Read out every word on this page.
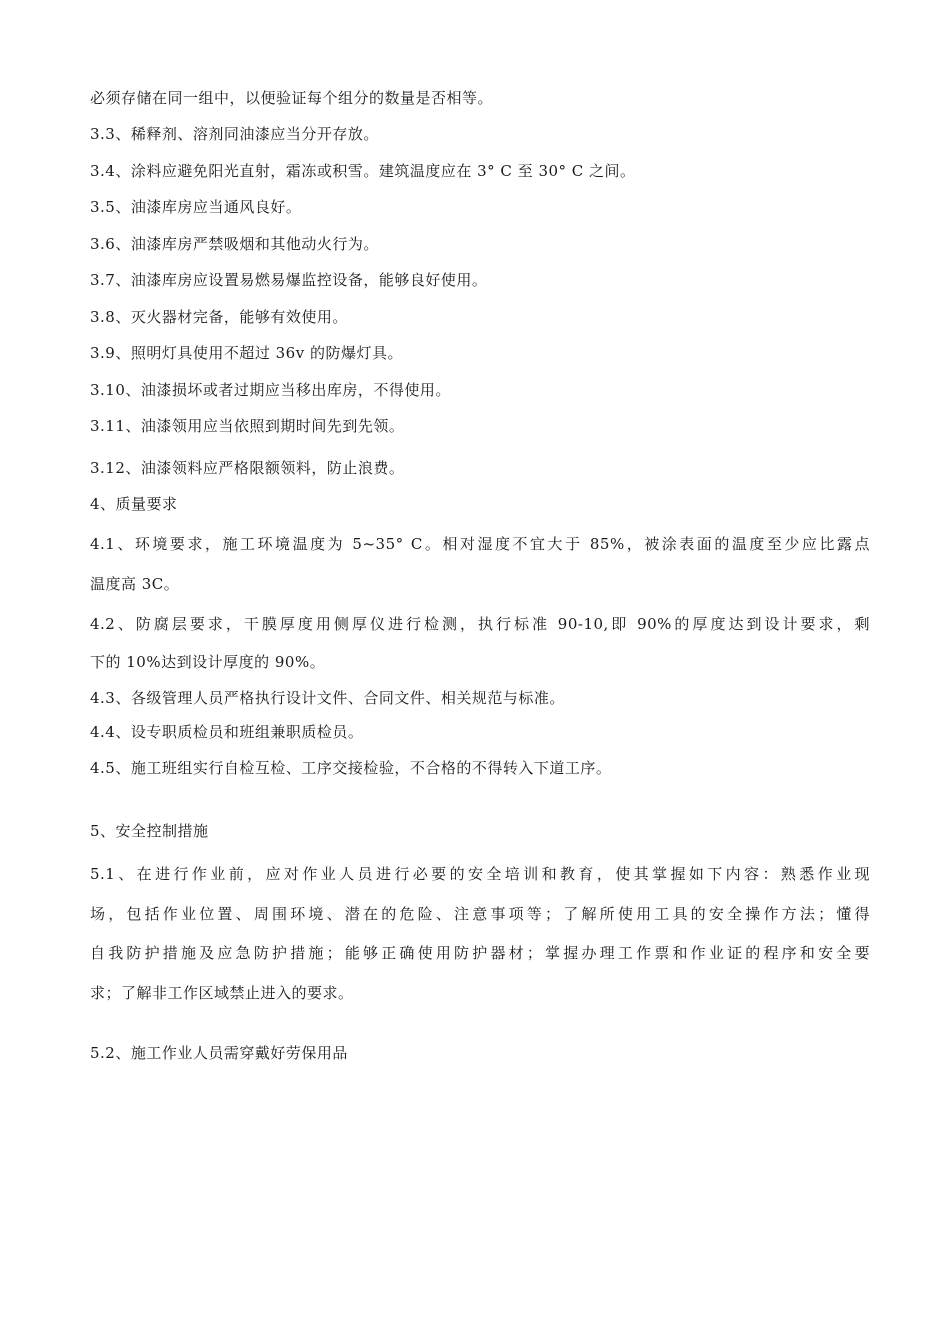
必须存储在同一组中，以便验证每个组分的数量是否相等。
3.3、稀释剂、溶剂同油漆应当分开存放。
3.4、涂料应避免阳光直射，霜冻或积雪。建筑温度应在 3° C 至 30° C 之间。
3.5、油漆库房应当通风良好。
3.6、油漆库房严禁吸烟和其他动火行为。
3.7、油漆库房应设置易燃易爆监控设备，能够良好使用。
3.8、灭火器材完备，能够有效使用。
3.9、照明灯具使用不超过 36v 的防爆灯具。
3.10、油漆损坏或者过期应当移出库房，不得使用。
3.11、油漆领用应当依照到期时间先到先领。
3.12、油漆领料应严格限额领料，防止浪费。
4、质量要求
4.1、环境要求，施工环境温度为 5~35° C。相对湿度不宜大于 85%，被涂表面的温度至少应比露点
温度高 3C。
4.2、防腐层要求，干膜厚度用侧厚仪进行检测，执行标准 90-10,即 90%的厚度达到设计要求，剩
下的 10%达到设计厚度的 90%。
4.3、各级管理人员严格执行设计文件、合同文件、相关规范与标准。
4.4、设专职质检员和班组兼职质检员。
4.5、施工班组实行自检互检、工序交接检验，不合格的不得转入下道工序。
5、安全控制措施
5.1、在进行作业前，应对作业人员进行必要的安全培训和教育，使其掌握如下内容：熟悉作业现
场，包括作业位置、周围环境、潜在的危险、注意事项等；了解所使用工具的安全操作方法；懂得
自我防护措施及应急防护措施；能够正确使用防护器材；掌握办理工作票和作业证的程序和安全要
求；了解非工作区域禁止进入的要求。
5.2、施工作业人员需穿戴好劳保用品
